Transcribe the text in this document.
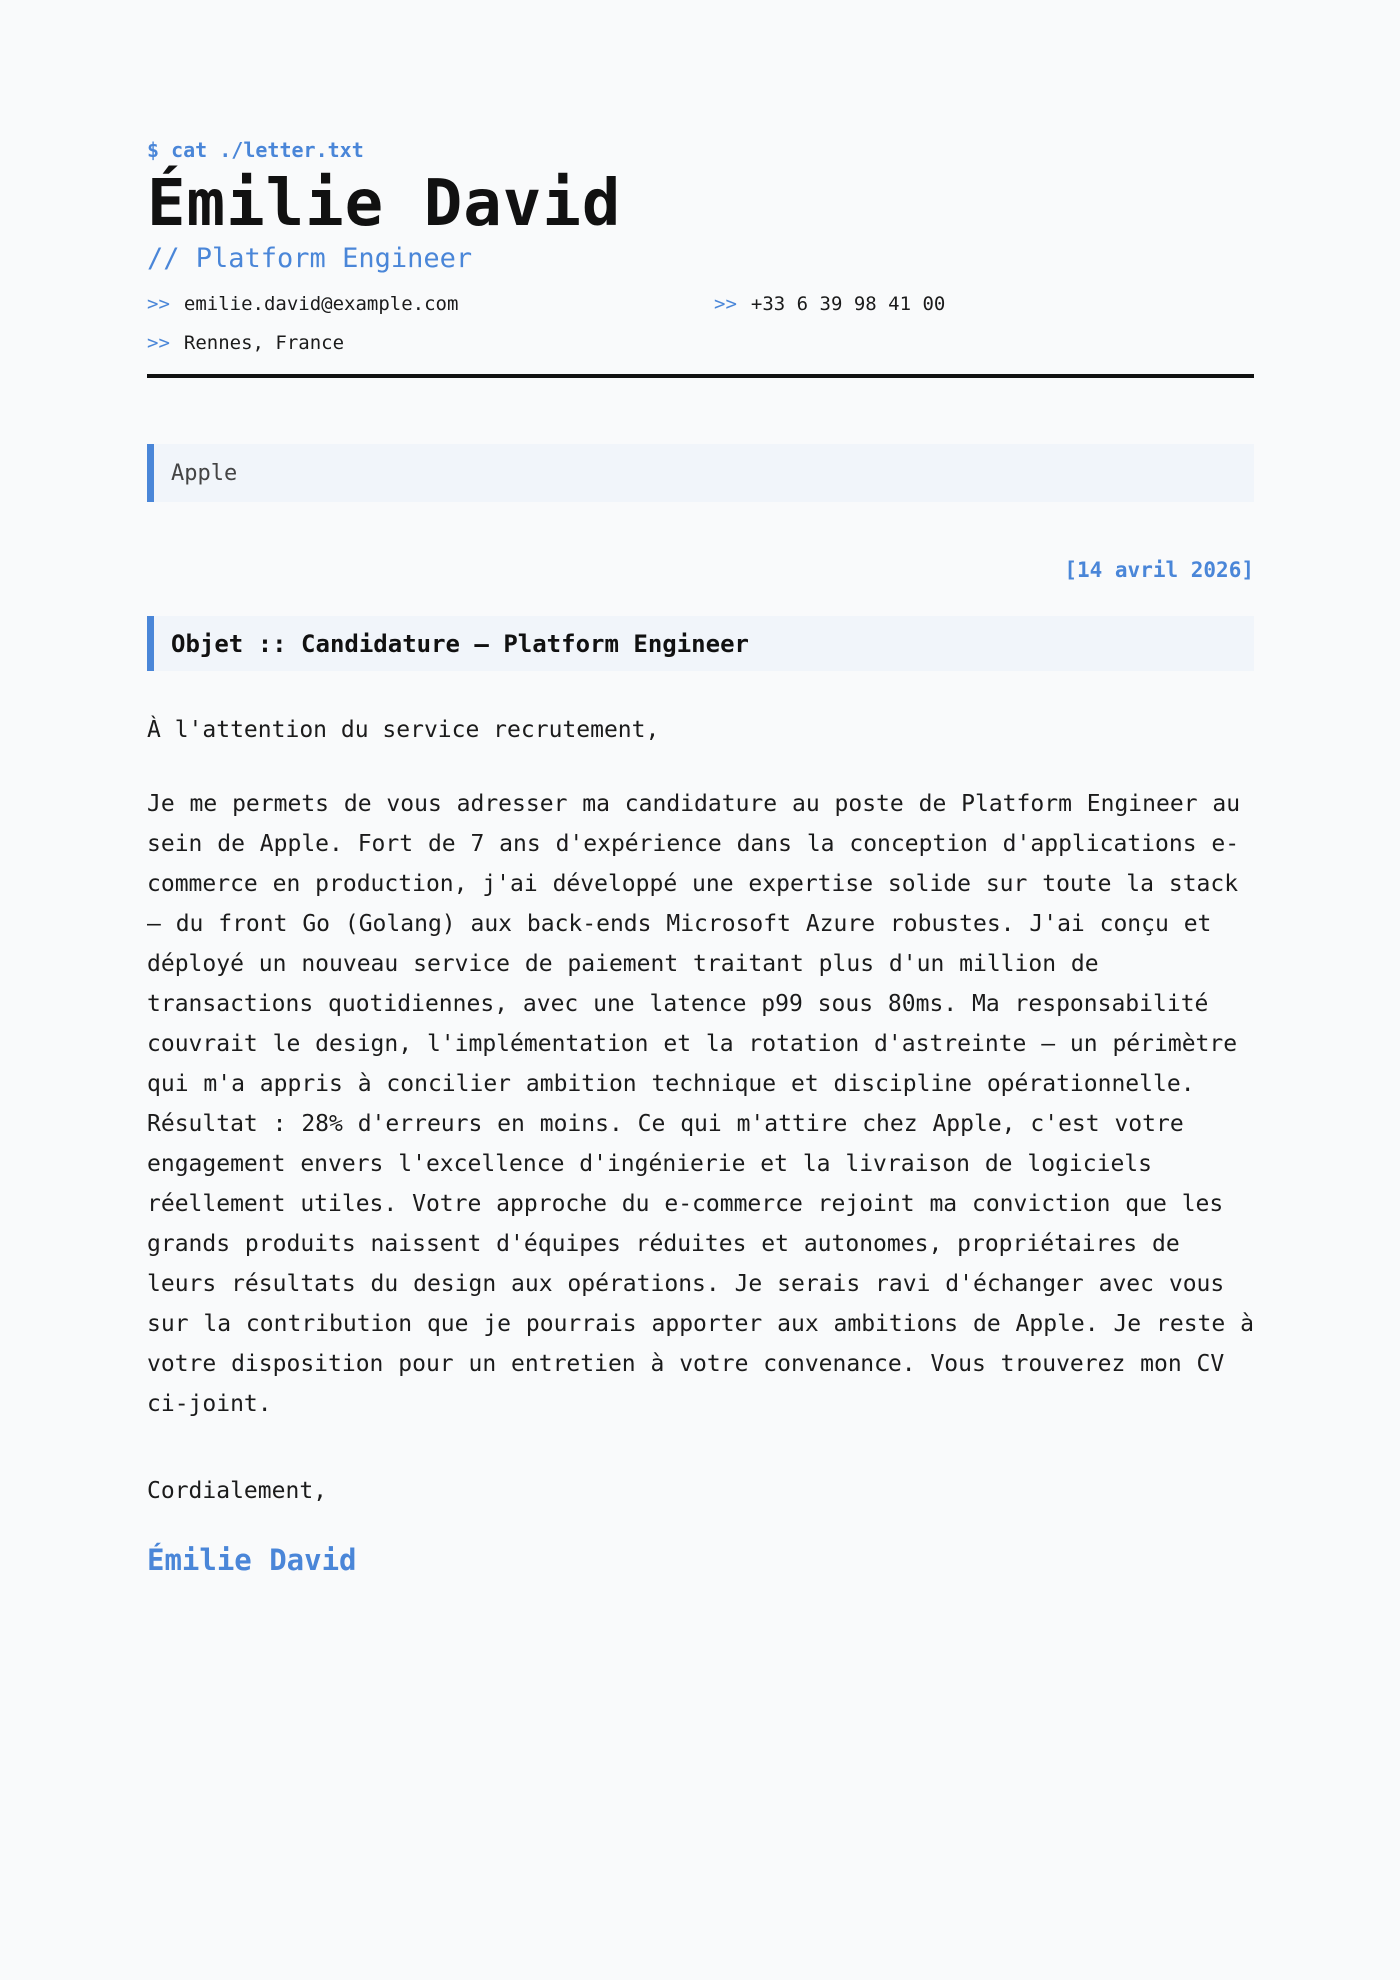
$ cat ./letter.txt

Émilie David

// Platform Engineer

>> emilie.david@example.com	>> +33 6 39 98 41 00
>> Rennes, France
Apple
[14 avril 2026]
Objet :: Candidature — Platform Engineer

À l'attention du service recrutement,

Je me permets de vous adresser ma candidature au poste de Platform Engineer au sein de Apple. Fort de 7 ans d'expérience dans la conception d'applications e-commerce en production, j'ai développé une expertise solide sur toute la stack — du front Go (Golang) aux back-ends Microsoft Azure robustes. J'ai conçu et déployé un nouveau service de paiement traitant plus d'un million de transactions quotidiennes, avec une latence p99 sous 80ms. Ma responsabilité couvrait le design, l'implémentation et la rotation d'astreinte — un périmètre qui m'a appris à concilier ambition technique et discipline opérationnelle. Résultat : 28% d'erreurs en moins. Ce qui m'attire chez Apple, c'est votre engagement envers l'excellence d'ingénierie et la livraison de logiciels réellement utiles. Votre approche du e-commerce rejoint ma conviction que les grands produits naissent d'équipes réduites et autonomes, propriétaires de leurs résultats du design aux opérations. Je serais ravi d'échanger avec vous sur la contribution que je pourrais apporter aux ambitions de Apple. Je reste à votre disposition pour un entretien à votre convenance. Vous trouverez mon CV ci-joint.

Cordialement,

Émilie David
